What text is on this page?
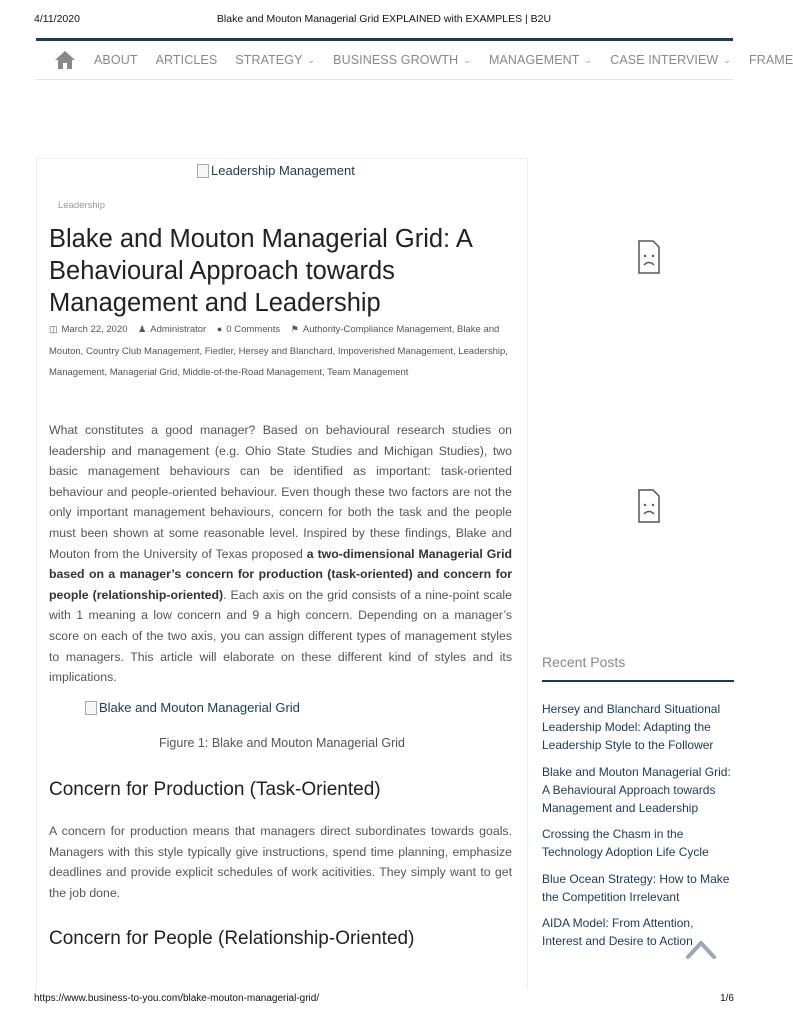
4/11/2020	Blake and Mouton Managerial Grid EXPLAINED with EXAMPLES | B2U
ABOUT ARTICLES STRATEGY ⌄ BUSINESS GROWTH ⌄ MANAGEMENT ⌄ CASE INTERVIEW ⌄ FRAME
Leadership Management
Leadership
Blake and Mouton Managerial Grid: A Behavioural Approach towards Management and Leadership
◫ March 22, 2020 ♟ Administrator ● 0 Comments ⚑ Authority-Compliance Management, Blake and Mouton, Country Club Management, Fiedler, Hersey and Blanchard, Impoverished Management, Leadership, Management, Managerial Grid, Middle-of-the-Road Management, Team Management

What constitutes a good manager? Based on behavioural research studies on leadership and management (e.g. Ohio State Studies and Michigan Studies), two basic management behaviours can be identified as important: task-oriented behaviour and people-oriented behaviour. Even though these two factors are not the only important management behaviours, concern for both the task and the people must been shown at some reasonable level. Inspired by these findings, Blake and Mouton from the University of Texas proposed a two-dimensional Managerial Grid based on a manager’s concern for production (task-oriented) and concern for people (relationship-oriented). Each axis on the grid consists of a nine-point scale with 1 meaning a low concern and 9 a high concern. Depending on a manager’s score on each of the two axis, you can assign different types of management styles to managers. This article will elaborate on these different kind of styles and its implications.

Blake and Mouton Managerial Grid
Figure 1: Blake and Mouton Managerial Grid
Concern for Production (Task-Oriented)

A concern for production means that managers direct subordinates towards goals. Managers with this style typically give instructions, spend time planning, emphasize deadlines and provide explicit schedules of work acitivities. They simply want to get the job done.

Concern for People (Relationship-Oriented)
Recent Posts
Hersey and Blanchard Situational Leadership Model: Adapting the Leadership Style to the Follower
Blake and Mouton Managerial Grid: A Behavioural Approach towards Management and Leadership
Crossing the Chasm in the Technology Adoption Life Cycle
Blue Ocean Strategy: How to Make the Competition Irrelevant
AIDA Model: From Attention, Interest and Desire to Action
https://www.business-to-you.com/blake-mouton-managerial-grid/	1/6
